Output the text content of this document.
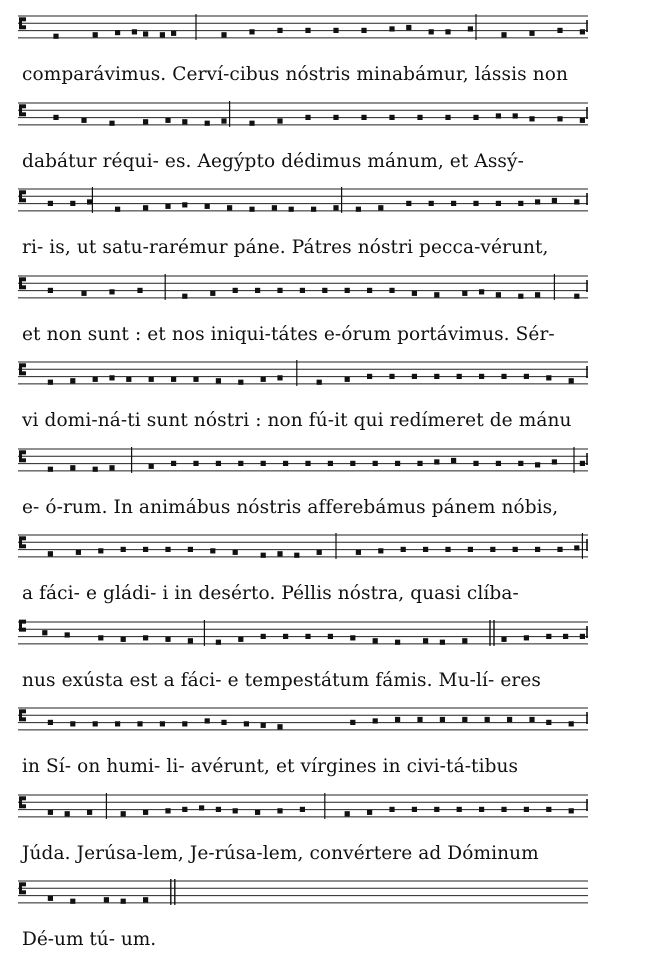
comparávimus. Cerví-cibus nóstris minabámur, lássis non
dabátur réqui- es. Aegýpto dédimus mánum, et Assý-
ri- is, ut satu-rarémur páne. Pátres nóstri pecca-vérunt,
et non sunt : et nos iniqui-tátes e-órum portávimus. Sér-
vi domi-ná-ti sunt nóstri : non fú-it qui redímeret de mánu
e- ó-rum. In animábus nóstris afferebámus pánem nóbis,
a fáci- e gládi- i in desérto. Péllis nóstra, quasi clíba-
nus exústa est a fáci- e tempestátum fámis. Mu-lí- eres
in Sí- on humi- li- avérunt, et vírgines in civi-tá-tibus
Júda. Jerúsa-lem, Je-rúsa-lem, convértere ad Dóminum
Dé-um tú- um.
